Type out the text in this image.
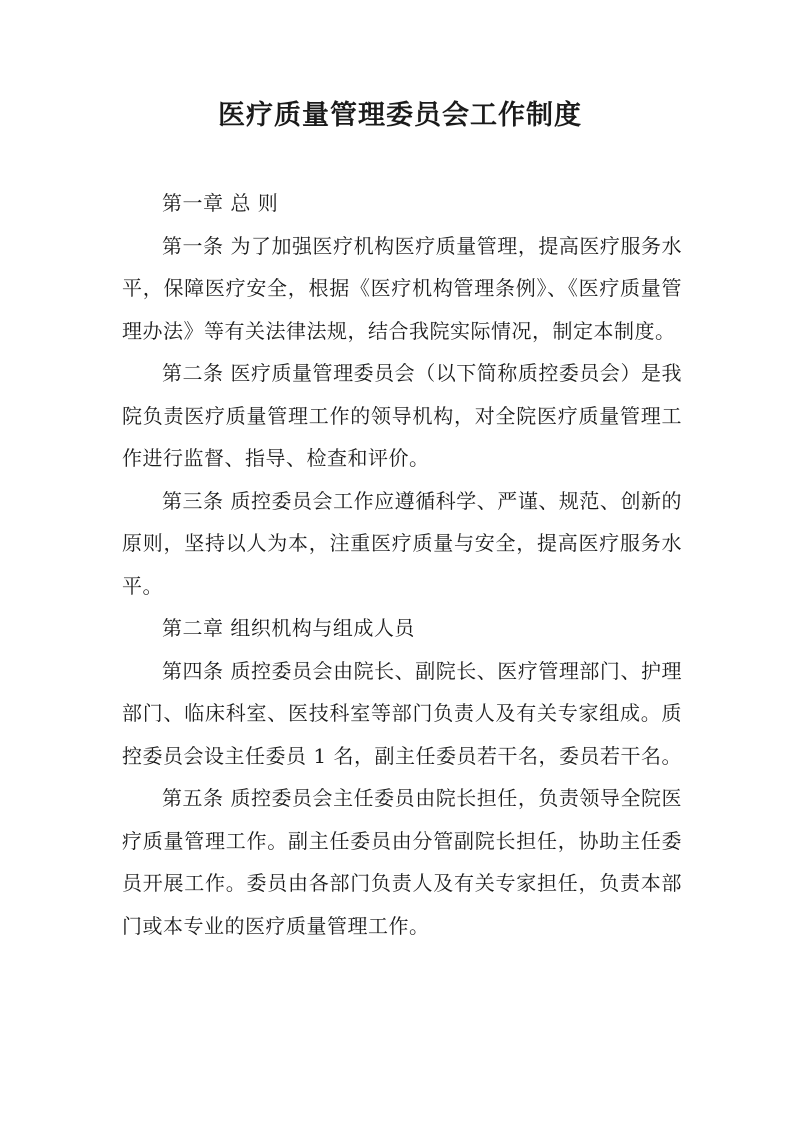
医疗质量管理委员会工作制度

第一章 总 则

第一条 为了加强医疗机构医疗质量管理，提高医疗服务水平，保障医疗安全，根据《医疗机构管理条例》、《医疗质量管理办法》等有关法律法规，结合我院实际情况，制定本制度。

第二条 医疗质量管理委员会（以下简称质控委员会）是我院负责医疗质量管理工作的领导机构，对全院医疗质量管理工作进行监督、指导、检查和评价。

第三条 质控委员会工作应遵循科学、严谨、规范、创新的原则，坚持以人为本，注重医疗质量与安全，提高医疗服务水平。

第二章 组织机构与组成人员

第四条 质控委员会由院长、副院长、医疗管理部门、护理部门、临床科室、医技科室等部门负责人及有关专家组成。质控委员会设主任委员 1 名，副主任委员若干名，委员若干名。

第五条 质控委员会主任委员由院长担任，负责领导全院医疗质量管理工作。副主任委员由分管副院长担任，协助主任委员开展工作。委员由各部门负责人及有关专家担任，负责本部门或本专业的医疗质量管理工作。
